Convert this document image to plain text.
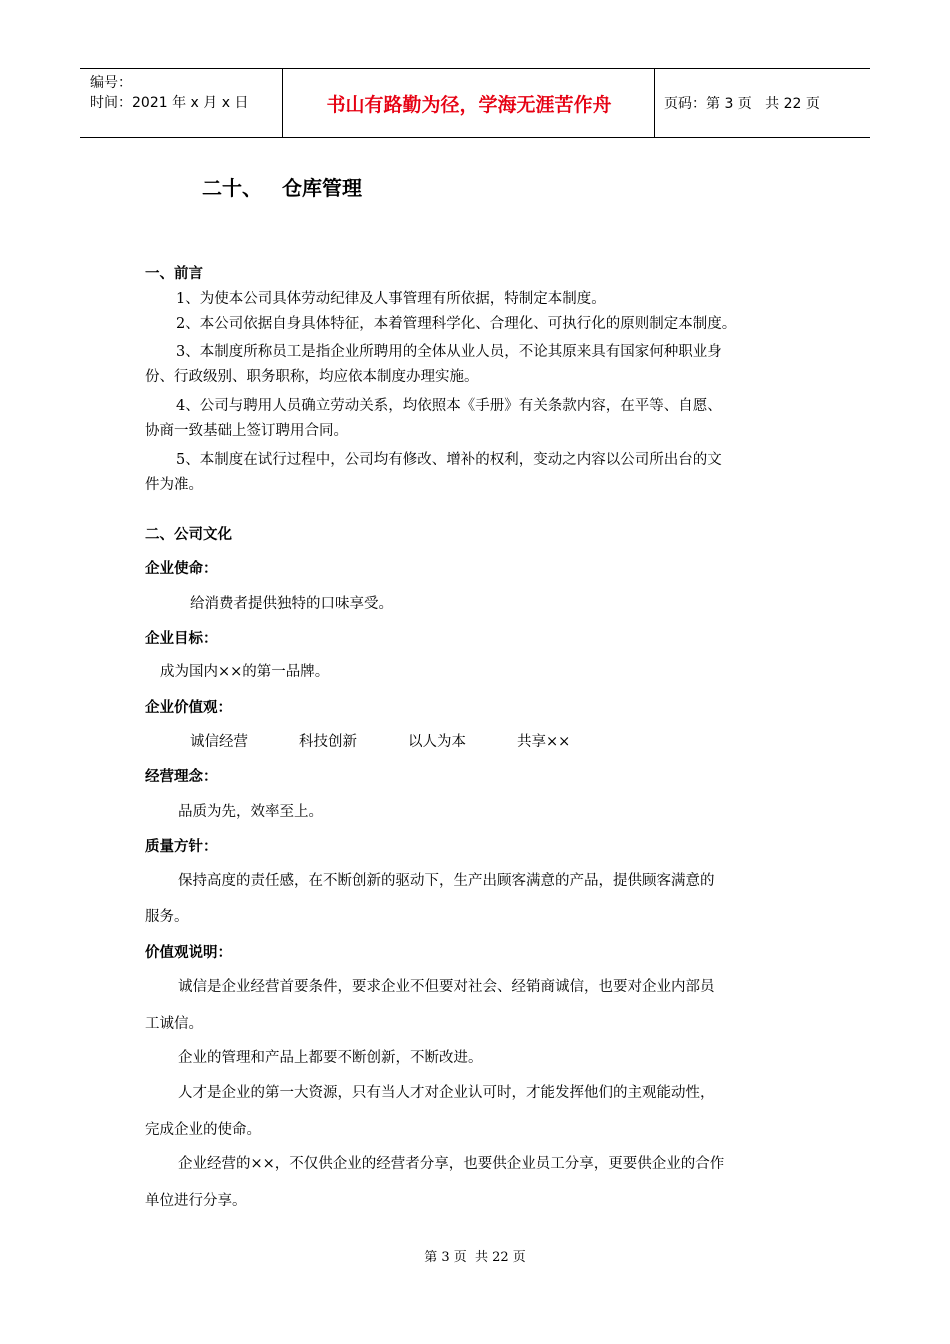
编号：
时间：2021 年 x 月 x 日	书山有路勤为径，学海无涯苦作舟	页码：第 3 页   共 22 页
二十、 仓库管理
一、前言
1、为使本公司具体劳动纪律及人事管理有所依据，特制定本制度。
2、本公司依据自身具体特征，本着管理科学化、合理化、可执行化的原则制定本制度。
3、本制度所称员工是指企业所聘用的全体从业人员，不论其原来具有国家何种职业身
份、行政级别、职务职称，均应依本制度办理实施。
4、公司与聘用人员确立劳动关系，均依照本《手册》有关条款内容，在平等、自愿、
协商一致基础上签订聘用合同。
5、本制度在试行过程中，公司均有修改、增补的权利，变动之内容以公司所出台的文
件为准。
二、公司文化
企业使命：
给消费者提供独特的口味享受。
企业目标：
成为国内××的第一品牌。
企业价值观：
诚信经营	科技创新	以人为本	共享××
经营理念：
品质为先，效率至上。
质量方针：
保持高度的责任感，在不断创新的驱动下，生产出顾客满意的产品，提供顾客满意的
服务。
价值观说明：
诚信是企业经营首要条件，要求企业不但要对社会、经销商诚信，也要对企业内部员
工诚信。
企业的管理和产品上都要不断创新，不断改进。
人才是企业的第一大资源，只有当人才对企业认可时，才能发挥他们的主观能动性，
完成企业的使命。
企业经营的××，不仅供企业的经营者分享，也要供企业员工分享，更要供企业的合作
单位进行分享。
第 3 页  共 22 页
